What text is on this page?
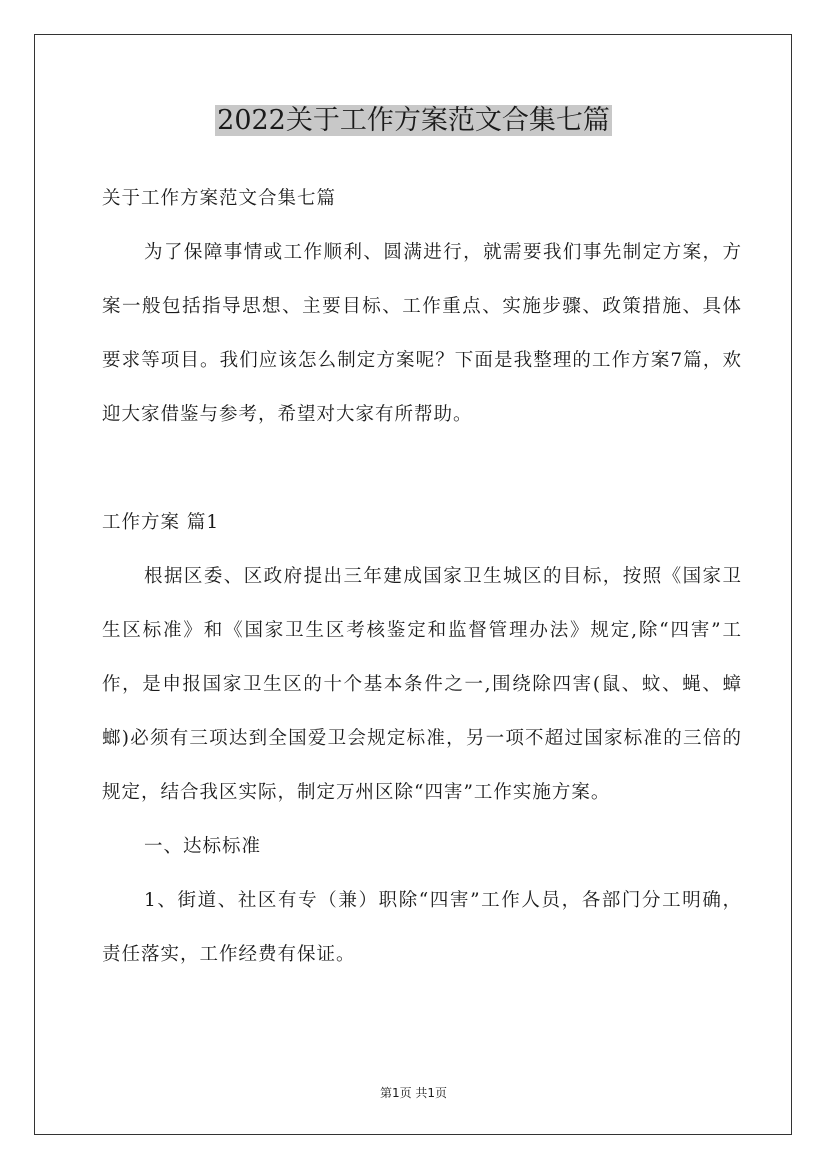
2022关于工作方案范文合集七篇

关于工作方案范文合集七篇

为了保障事情或工作顺利、圆满进行，就需要我们事先制定方案，方案一般包括指导思想、主要目标、工作重点、实施步骤、政策措施、具体要求等项目。我们应该怎么制定方案呢？下面是我整理的工作方案7篇，欢迎大家借鉴与参考，希望对大家有所帮助。

工作方案 篇1

根据区委、区政府提出三年建成国家卫生城区的目标，按照《国家卫生区标准》和《国家卫生区考核鉴定和监督管理办法》规定,除“四害”工作，是申报国家卫生区的十个基本条件之一,围绕除四害(鼠、蚊、蝇、蟑螂)必须有三项达到全国爱卫会规定标准，另一项不超过国家标准的三倍的规定，结合我区实际，制定万州区除“四害”工作实施方案。

一、达标标准

1、街道、社区有专（兼）职除“四害”工作人员，各部门分工明确，责任落实，工作经费有保证。

第1页 共1页
